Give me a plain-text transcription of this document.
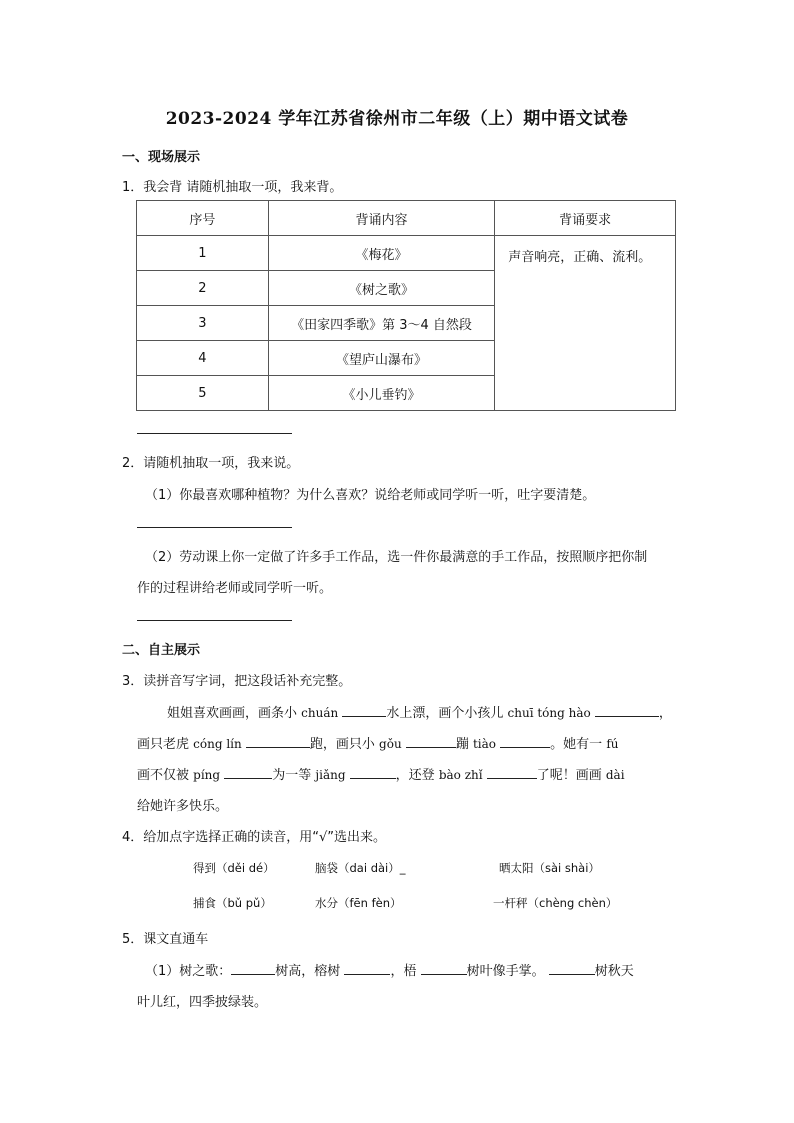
2023-2024 学年江苏省徐州市二年级（上）期中语文试卷
一、现场展示
1．我会背 请随机抽取一项，我来背。
序号	背诵内容	背诵要求
1	《梅花》	声音响亮，正确、流利。
2	《树之歌》	
3	《田家四季歌》第 3～4 自然段	
4	《望庐山瀑布》	
5	《小儿垂钓》	
2．请随机抽取一项，我来说。
（1）你最喜欢哪种植物？为什么喜欢？说给老师或同学听一听，吐字要清楚。
（2）劳动课上你一定做了许多手工作品，选一件你最满意的手工作品，按照顺序把你制
作的过程讲给老师或同学听一听。
二、自主展示
3．读拼音写字词，把这段话补充完整。
姐姐喜欢画画，画条小 chuán	水上漂，画个小孩儿 chuī tóng hào	，
画只老虎 cóng lín	跑，画只小 gǒu	蹦 tiào	。她有一 fú
画不仅被 píng	为一等 jiǎng	，还登 bào zhǐ	了呢！画画 dài
给她许多快乐。
4．给加点字选择正确的读音，用“√”选出来。
得到（děi dé）	脑袋（dai dài）_	晒太阳（sài shài）
捕食（bǔ pǔ）	水分（fēn fèn）	一杆秤（chèng chèn）
5．课文直通车
（1）树之歌：	树高，榕树	，梧	树叶像手掌。	树秋天
叶儿红，四季披绿装。
